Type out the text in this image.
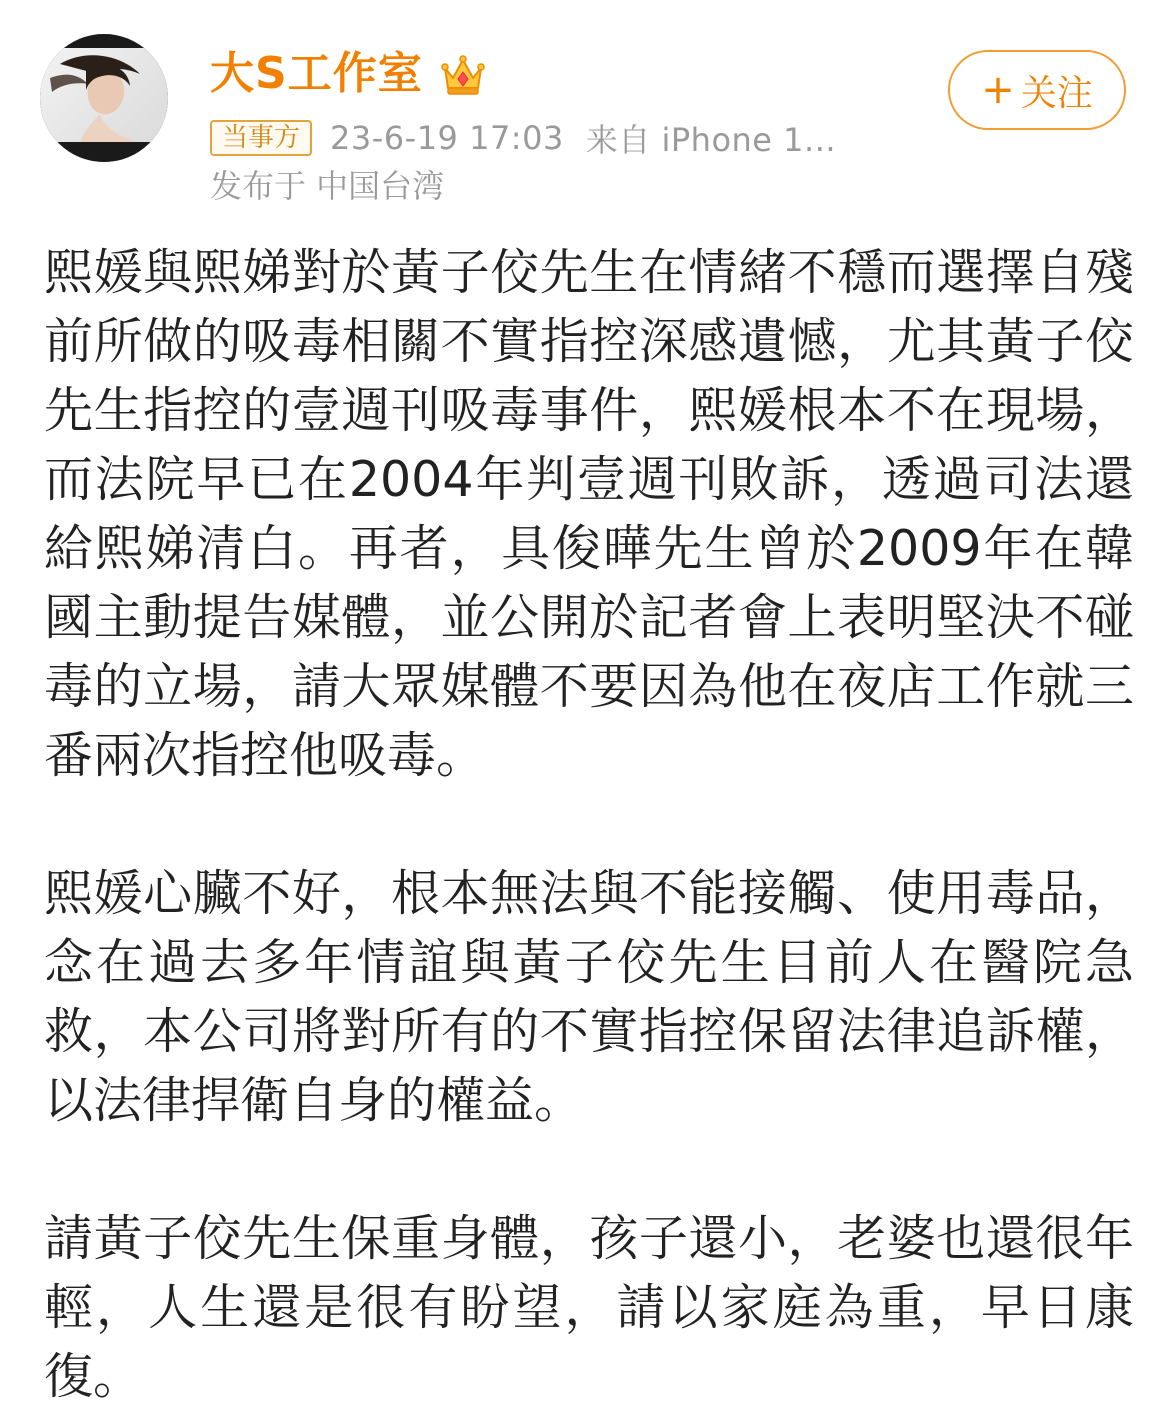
大S工作室
当事方 23-6-19 17:03 来自 iPhone 1...
发布于 中国台湾
+ 关注

熙媛與熙娣對於黃子佼先生在情緒不穩而選擇自殘前所做的吸毒相關不實指控深感遺憾，尤其黃子佼先生指控的壹週刊吸毒事件，熙媛根本不在現場，而法院早已在2004年判壹週刊敗訴，透過司法還給熙娣清白。再者，具俊曄先生曾於2009年在韓國主動提告媒體，並公開於記者會上表明堅決不碰毒的立場，請大眾媒體不要因為他在夜店工作就三番兩次指控他吸毒。

熙媛心臟不好，根本無法與不能接觸、使用毒品，念在過去多年情誼與黃子佼先生目前人在醫院急救，本公司將對所有的不實指控保留法律追訴權，以法律捍衛自身的權益。

請黃子佼先生保重身體，孩子還小，老婆也還很年輕，人生還是很有盼望，請以家庭為重，早日康復。
